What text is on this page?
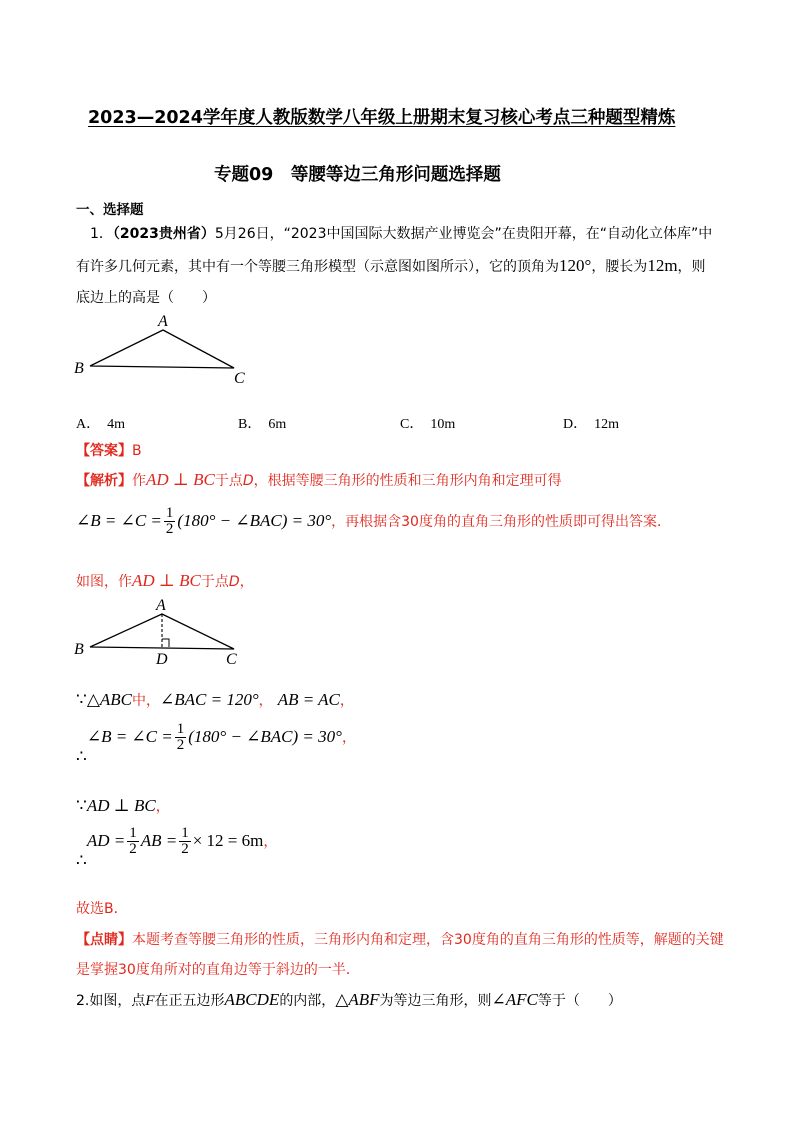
2023—2024学年度人教版数学八年级上册期末复习核心考点三种题型精炼
专题09　等腰等边三角形问题选择题
一、选择题
1．（2023贵州省）5月26日，“2023中国国际大数据产业博览会”在贵阳开幕，在“自动化立体库”中
有许多几何元素，其中有一个等腰三角形模型（示意图如图所示），它的顶角为120°，腰长为12m，则
底边上的高是（　　）
A
B
C
A． 4m	B． 6m	C． 10m	D． 12m
【答案】B
【解析】作AD ⊥ BC于点D，根据等腰三角形的性质和三角形内角和定理可得
∠B = ∠C = $\frac{1}{2} (180^\circ$ − ∠BAC) = 30°，再根据含30度角的直角三角形的性质即可得出答案．
如图，作AD ⊥ BC于点D，
A
B
D	C
∵△ABC中，∠BAC = 120°， AB = AC，
∴∠B = ∠C = $\frac{1}{2} (180^\circ$ − ∠BAC) = 30°，
∵AD ⊥ BC，
∴AD = $\frac{1}{2}$ AB = $\frac{1}{2} \times 12 = 6m$，
故选B．
【点睛】本题考查等腰三角形的性质，三角形内角和定理，含30度角的直角三角形的性质等，解题的关键
是掌握30度角所对的直角边等于斜边的一半．
2.如图，点F在正五边形ABCDE的内部，△ABF为等边三角形，则∠AFC等于（　　）
